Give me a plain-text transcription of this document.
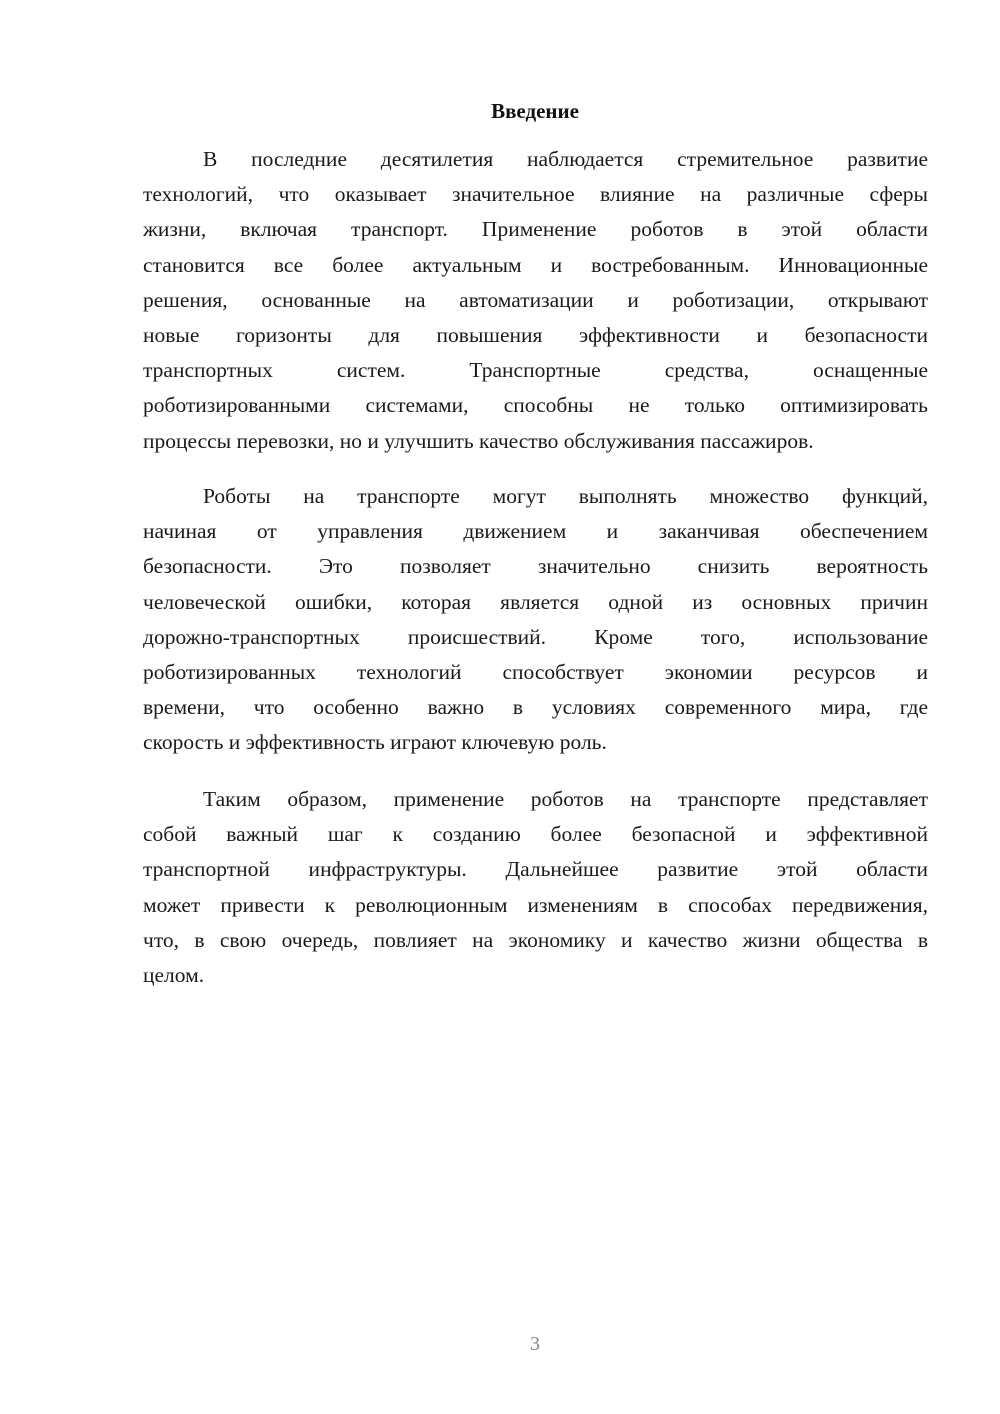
Введение
В последние десятилетия наблюдается стремительное развитие
технологий, что оказывает значительное влияние на различные сферы
жизни, включая транспорт. Применение роботов в этой области
становится все более актуальным и востребованным. Инновационные
решения, основанные на автоматизации и роботизации, открывают
новые горизонты для повышения эффективности и безопасности
транспортных систем. Транспортные средства, оснащенные
роботизированными системами, способны не только оптимизировать
процессы перевозки, но и улучшить качество обслуживания пассажиров.
Роботы на транспорте могут выполнять множество функций,
начиная от управления движением и заканчивая обеспечением
безопасности. Это позволяет значительно снизить вероятность
человеческой ошибки, которая является одной из основных причин
дорожно-транспортных происшествий. Кроме того, использование
роботизированных технологий способствует экономии ресурсов и
времени, что особенно важно в условиях современного мира, где
скорость и эффективность играют ключевую роль.
Таким образом, применение роботов на транспорте представляет
собой важный шаг к созданию более безопасной и эффективной
транспортной инфраструктуры. Дальнейшее развитие этой области
может привести к революционным изменениям в способах передвижения,
что, в свою очередь, повлияет на экономику и качество жизни общества в
целом.
3
